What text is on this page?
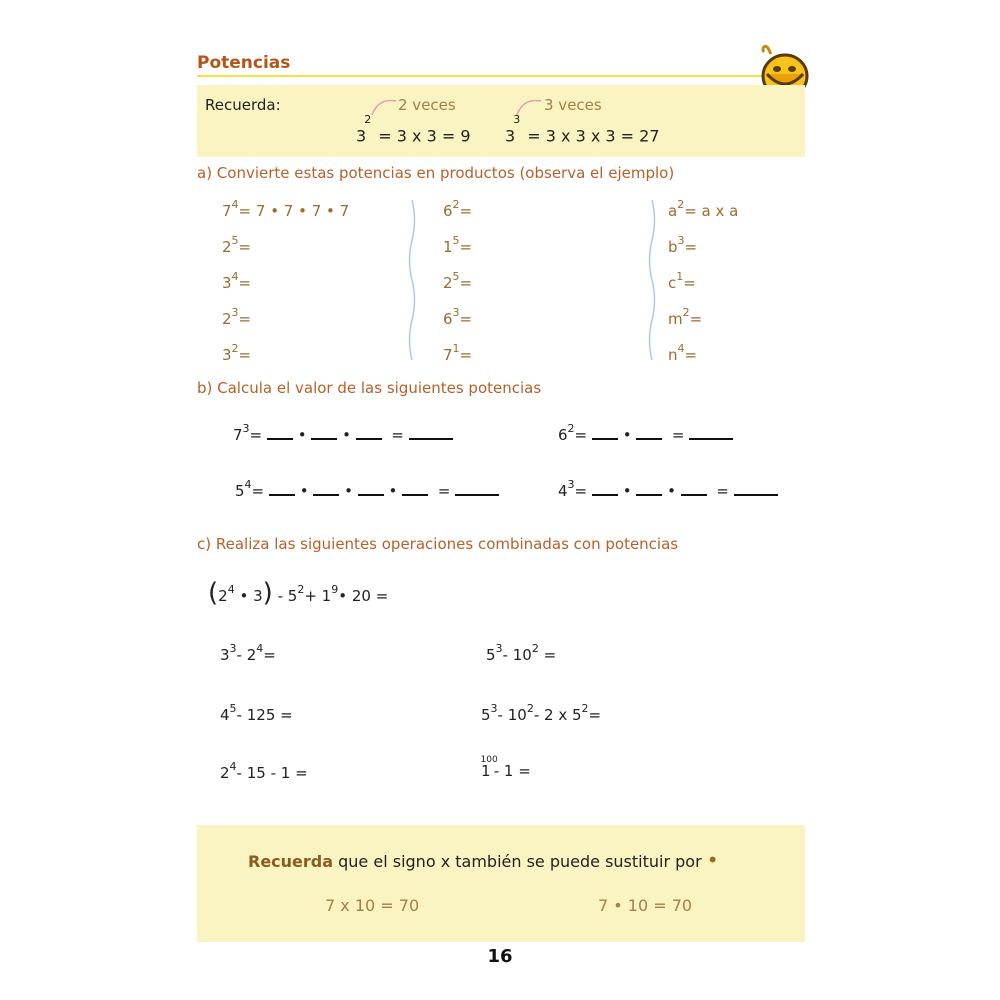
Potencias
Recuerda:	2 veces
$3^2 = 3$ x 3 = 9
3 veces
$3^3 = 3$ x 3 x 3 = 27
a) Convierte estas potencias en productos (observa el ejemplo)
$7^4= 7$ • 7 • 7 • 7
$2^5=$
$3^4=$
$2^3=$
$3^2=$
$6^2=$
$1^5=$
$2^5=$
$6^3=$
$7^1=$
$a^2= a$ x a
$b^3=$
$c^1=$
$m^2=$
$n^4=$
b) Calcula el valor de las siguientes potencias
$7^3=$ • •	=	$6^2=$ •	=
$5^4=$ • • •	=	$4^3=$ • •	=
c) Realiza las siguientes operaciones combinadas con potencias
($2^4$ • $3) - 5^2+$ $1^9•$ 20 =
$3^3-$ $2^4=$	$5^3-$ $10^2$ =
$4^5-$ 125 =	$5^3-$ $10^2-$ 2 x $5^2=$
$2^4-$ 15 - 1 =	$1^{100}-$ 1 =
Recuerda que el signo x también se puede sustituir por •
7 x 10 = 70	7 • 10 = 70
16
